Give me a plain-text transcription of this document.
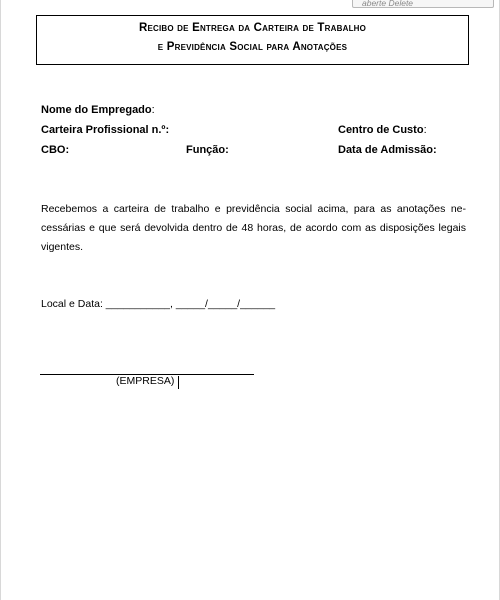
aberte Delete
Recibo de Entrega da Carteira de Trabalho
e Previdência Social para Anotações
Nome do Empregado:
Carteira Profissional n.º:	Centro de Custo:
CBO:	Função:	Data de Admissão:
Recebemos a carteira de trabalho e previdência social acima, para as anotações ne-cessárias e que será devolvida dentro de 48 horas, de acordo com as disposições legais vigentes.
Local e Data: ___________, _____/_____/______
(EMPRESA)
